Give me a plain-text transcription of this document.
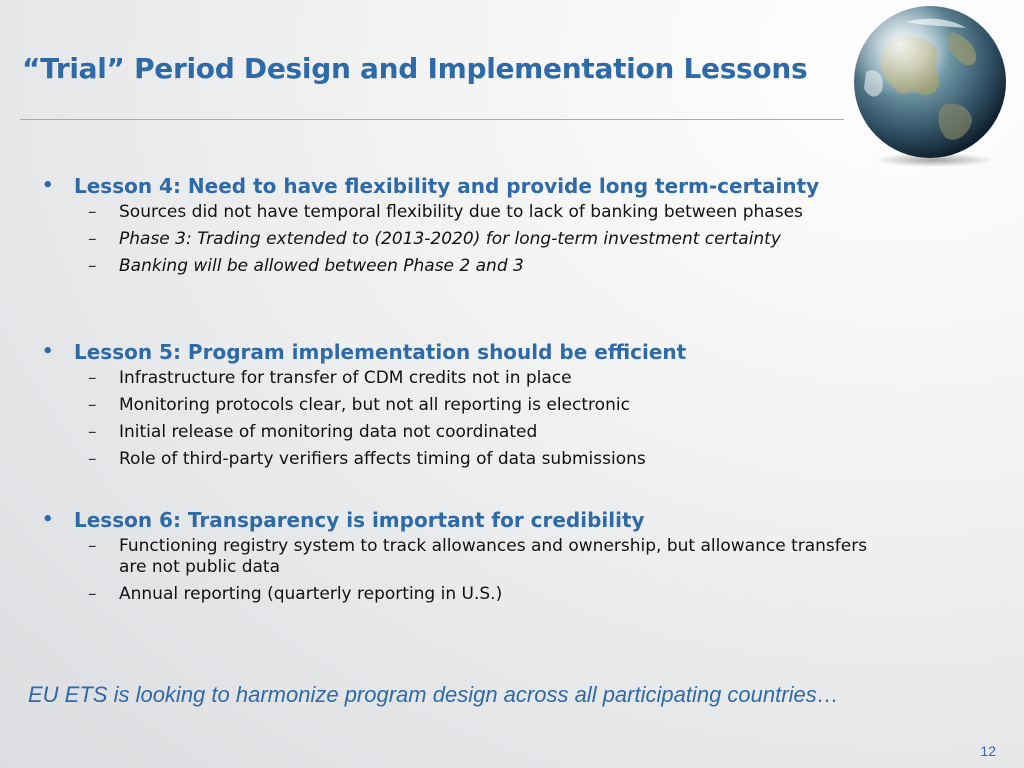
“Trial” Period Design and Implementation Lessons
• Lesson 4: Need to have flexibility and provide long term-certainty
– Sources did not have temporal flexibility due to lack of banking between phases
– Phase 3: Trading extended to (2013-2020) for long-term investment certainty
– Banking will be allowed between Phase 2 and 3
• Lesson 5: Program implementation should be efficient
– Infrastructure for transfer of CDM credits not in place
– Monitoring protocols clear, but not all reporting is electronic
– Initial release of monitoring data not coordinated
– Role of third-party verifiers affects timing of data submissions
• Lesson 6: Transparency is important for credibility
– Functioning registry system to track allowances and ownership, but allowance transfers are not public data
– Annual reporting (quarterly reporting in U.S.)

EU ETS is looking to harmonize program design across all participating countries…

12
